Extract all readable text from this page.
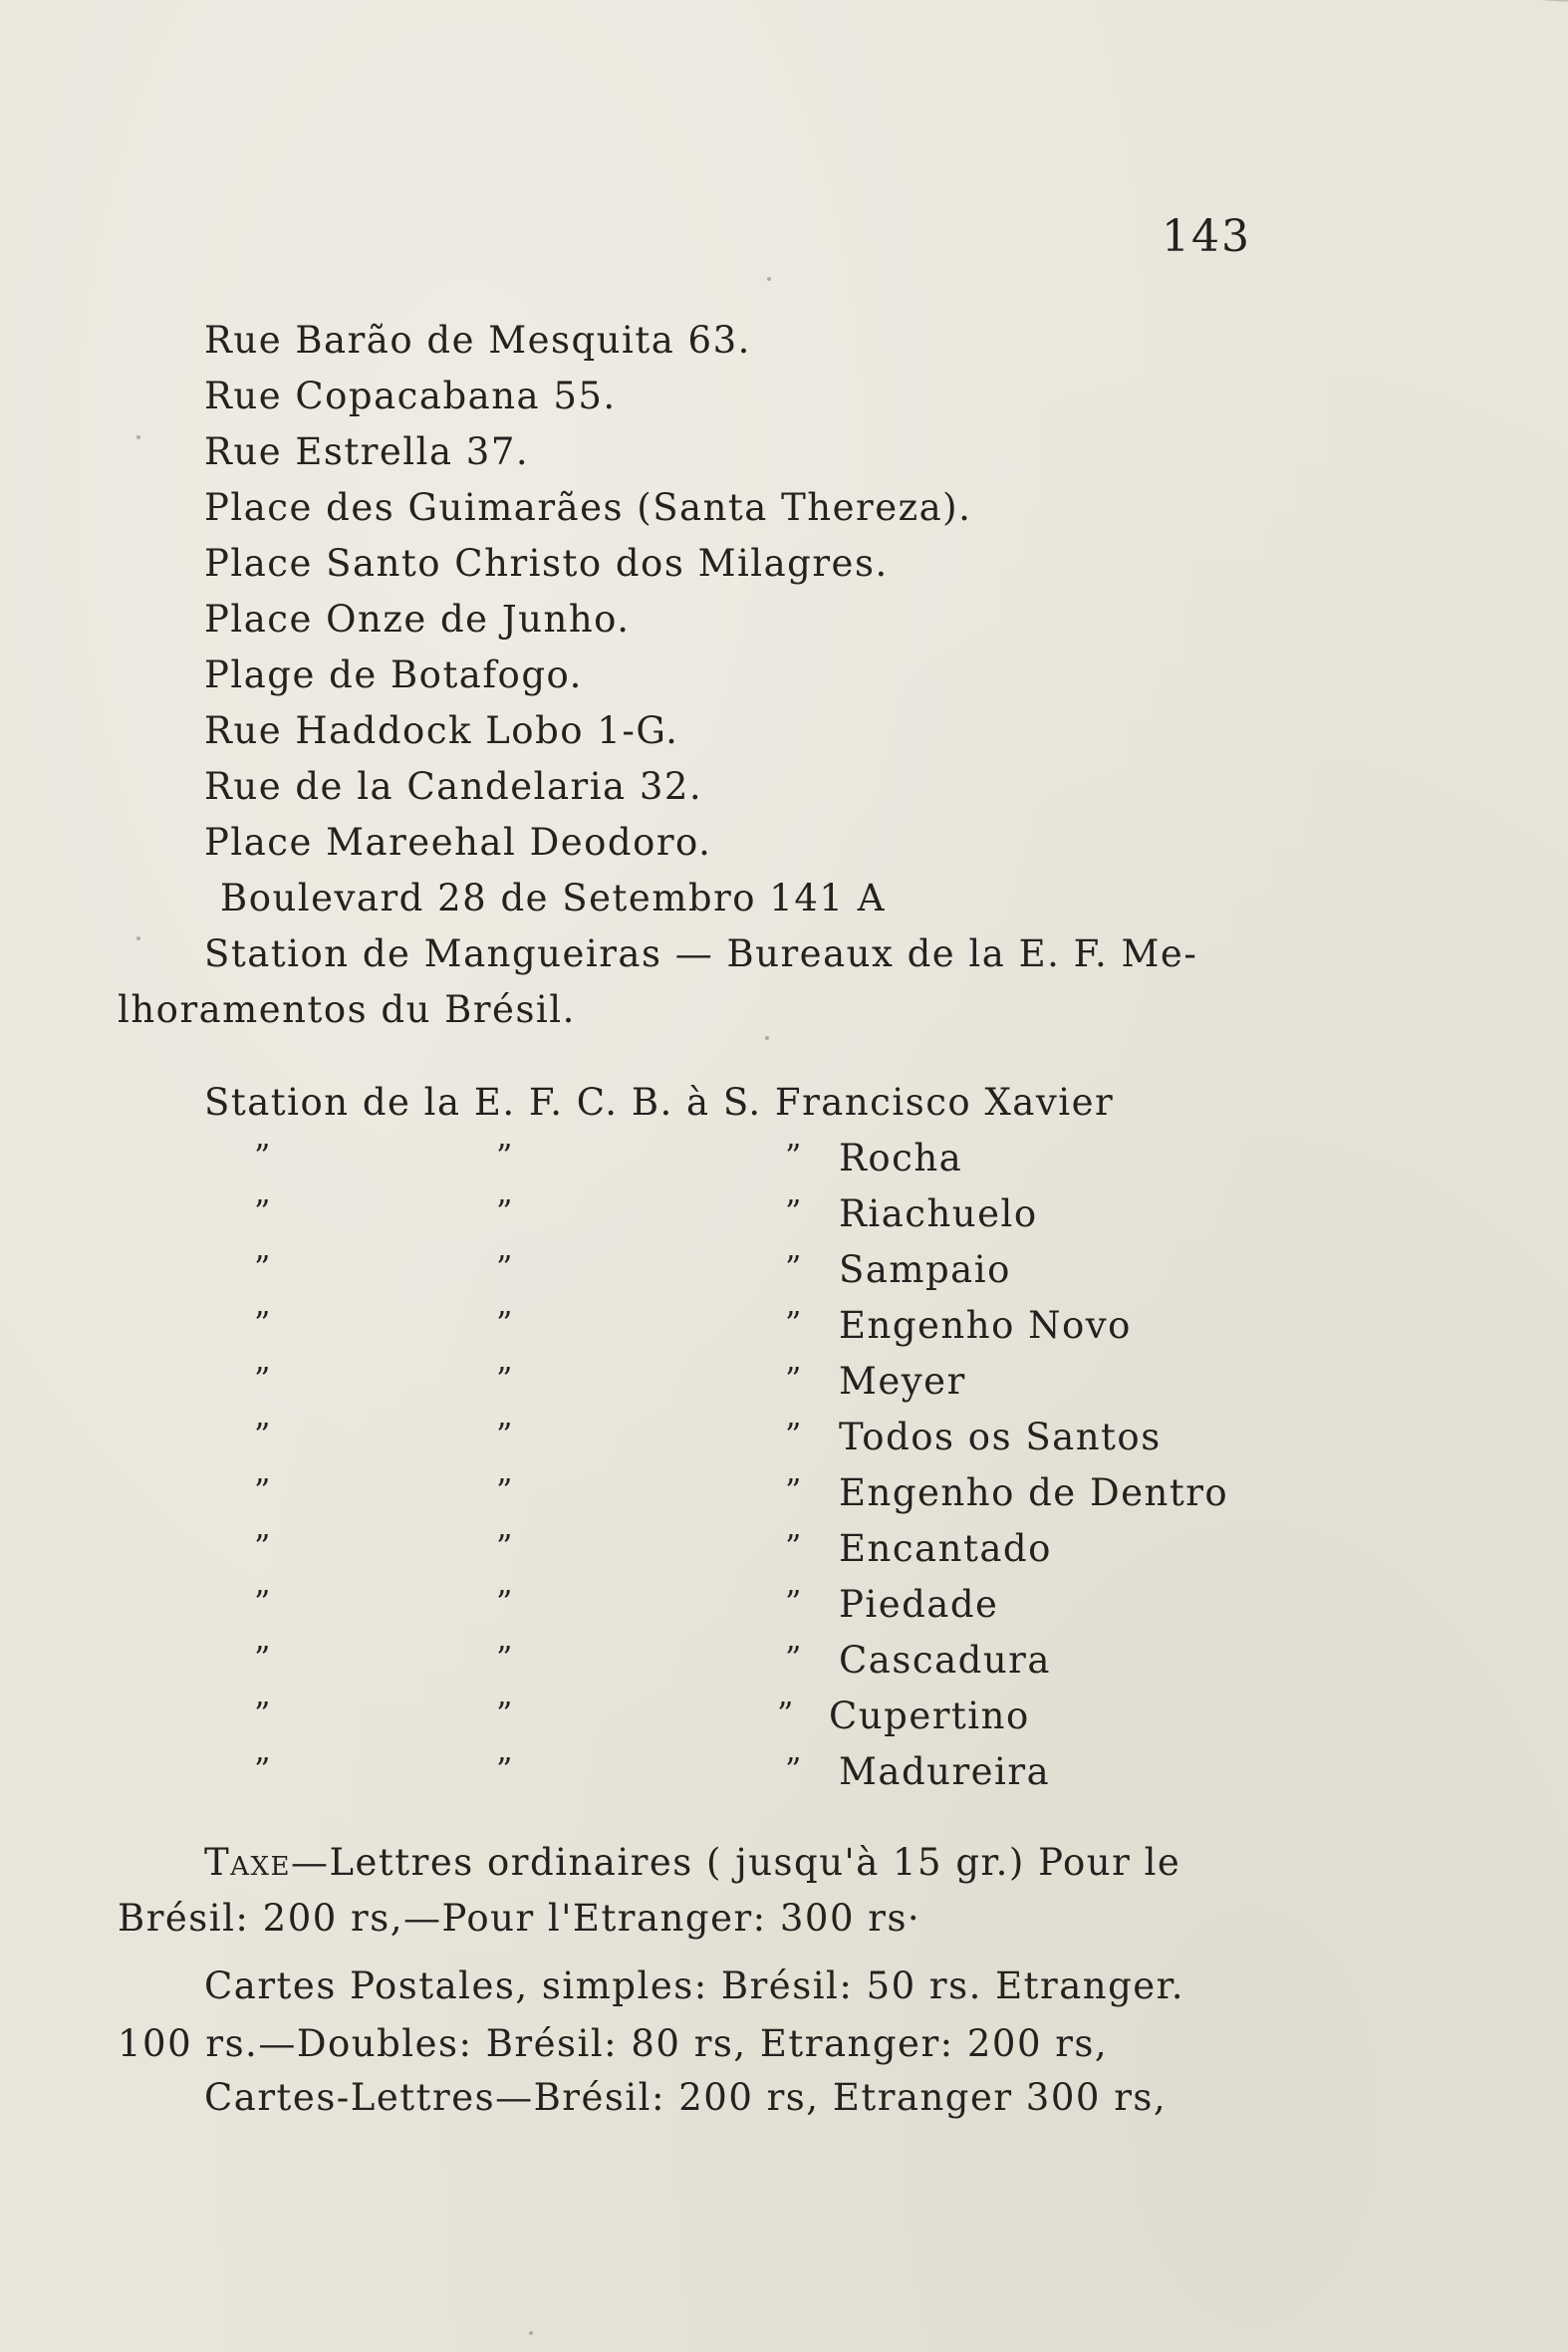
143
Rue Barão de Mesquita 63.
Rue Copacabana 55.
Rue Estrella 37.
Place des Guimarães (Santa Thereza).
Place Santo Christo dos Milagres.
Place Onze de Junho.
Plage de Botafogo.
Rue Haddock Lobo 1-G.
Rue de la Candelaria 32.
Place Mareehal Deodoro.
Boulevard 28 de Setembro 141 A
Station de Mangueiras — Bureaux de la E. F. Me-
lhoramentos du Brésil.
Station de la E. F. C. B. à S. Francisco Xavier
”	”	” Rocha
”	”	” Riachuelo
”	”	” Sampaio
”	”	” Engenho Novo
”	”	” Meyer
”	”	” Todos os Santos
”	”	” Engenho de Dentro
”	”	” Encantado
”	”	” Piedade
”	”	” Cascadura
”	”	” Cupertino
”	”	” Madureira
Taxe—Lettres ordinaires ( jusqu'à 15 gr.) Pour le
Brésil: 200 rs,—Pour l'Etranger: 300 rs·
Cartes Postales, simples: Brésil: 50 rs. Etranger.
100 rs.—Doubles: Brésil: 80 rs, Etranger: 200 rs,
Cartes-Lettres—Brésil: 200 rs, Etranger 300 rs,
